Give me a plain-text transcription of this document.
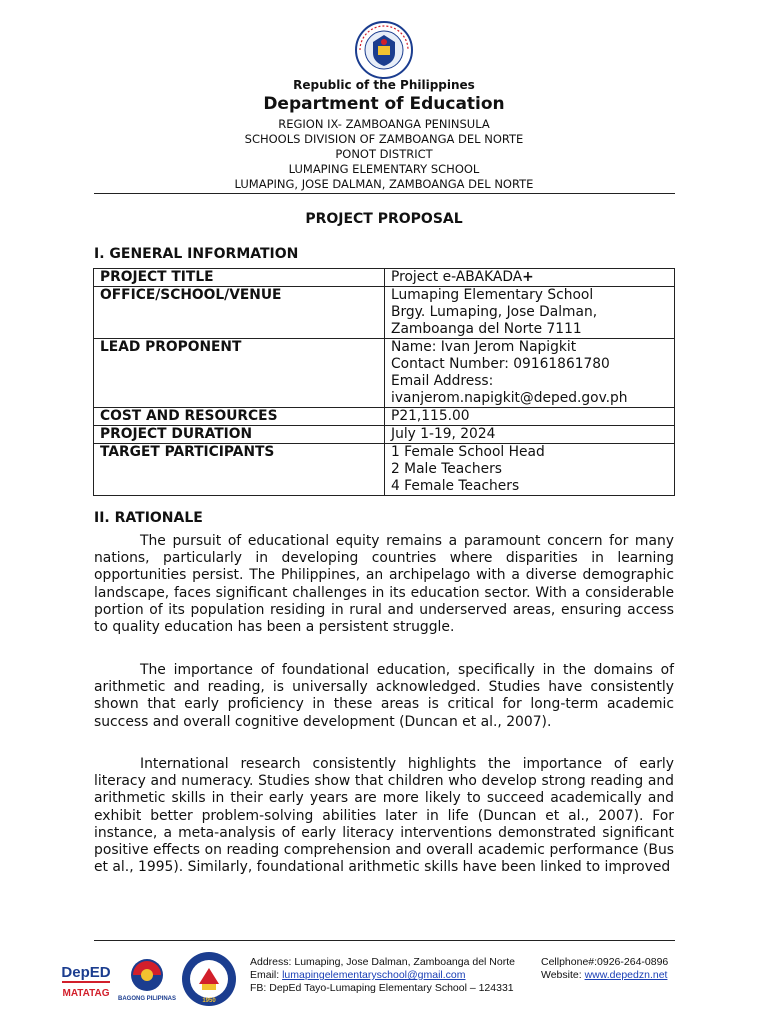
Republic of the Philippines
Department of Education
REGION IX- ZAMBOANGA PENINSULA
SCHOOLS DIVISION OF ZAMBOANGA DEL NORTE
PONOT DISTRICT
LUMAPING ELEMENTARY SCHOOL
LUMAPING, JOSE DALMAN, ZAMBOANGA DEL NORTE
PROJECT PROPOSAL
I. GENERAL INFORMATION
PROJECT TITLE	Project e-ABAKADA+
OFFICE/SCHOOL/VENUE	Lumaping Elementary School
Brgy. Lumaping, Jose Dalman,
Zamboanga del Norte 7111

LEAD PROPONENT	Name: Ivan Jerom Napigkit
Contact Number: 09161861780
Email Address:
ivanjerom.napigkit@deped.gov.ph

COST AND RESOURCES	P21,115.00
PROJECT DURATION	July 1-19, 2024
TARGET PARTICIPANTS	1 Female School Head
2 Male Teachers
4 Female Teachers
II. RATIONALE

The pursuit of educational equity remains a paramount concern for many nations, particularly in developing countries where disparities in learning opportunities persist. The Philippines, an archipelago with a diverse demographic landscape, faces significant challenges in its education sector. With a considerable portion of its population residing in rural and underserved areas, ensuring access to quality education has been a persistent struggle.

The importance of foundational education, specifically in the domains of arithmetic and reading, is universally acknowledged. Studies have consistently shown that early proficiency in these areas is critical for long-term academic success and overall cognitive development (Duncan et al., 2007).

International research consistently highlights the importance of early literacy and numeracy. Studies show that children who develop strong reading and arithmetic skills in their early years are more likely to succeed academically and exhibit better problem-solving abilities later in life (Duncan et al., 2007). For instance, a meta-analysis of early literacy interventions demonstrated significant positive effects on reading comprehension and overall academic performance (Bus et al., 1995). Similarly, foundational arithmetic skills have been linked to improved

DepED
MATATAG BAGONG PILIPINAS	1950
Address: Lumaping, Jose Dalman, Zamboanga del Norte
Email: lumapingelementaryschool@gmail.com
FB: DepEd Tayo-Lumaping Elementary School – 124331
Cellphone#:0926-264-0896
Website: www.depedzn.net
